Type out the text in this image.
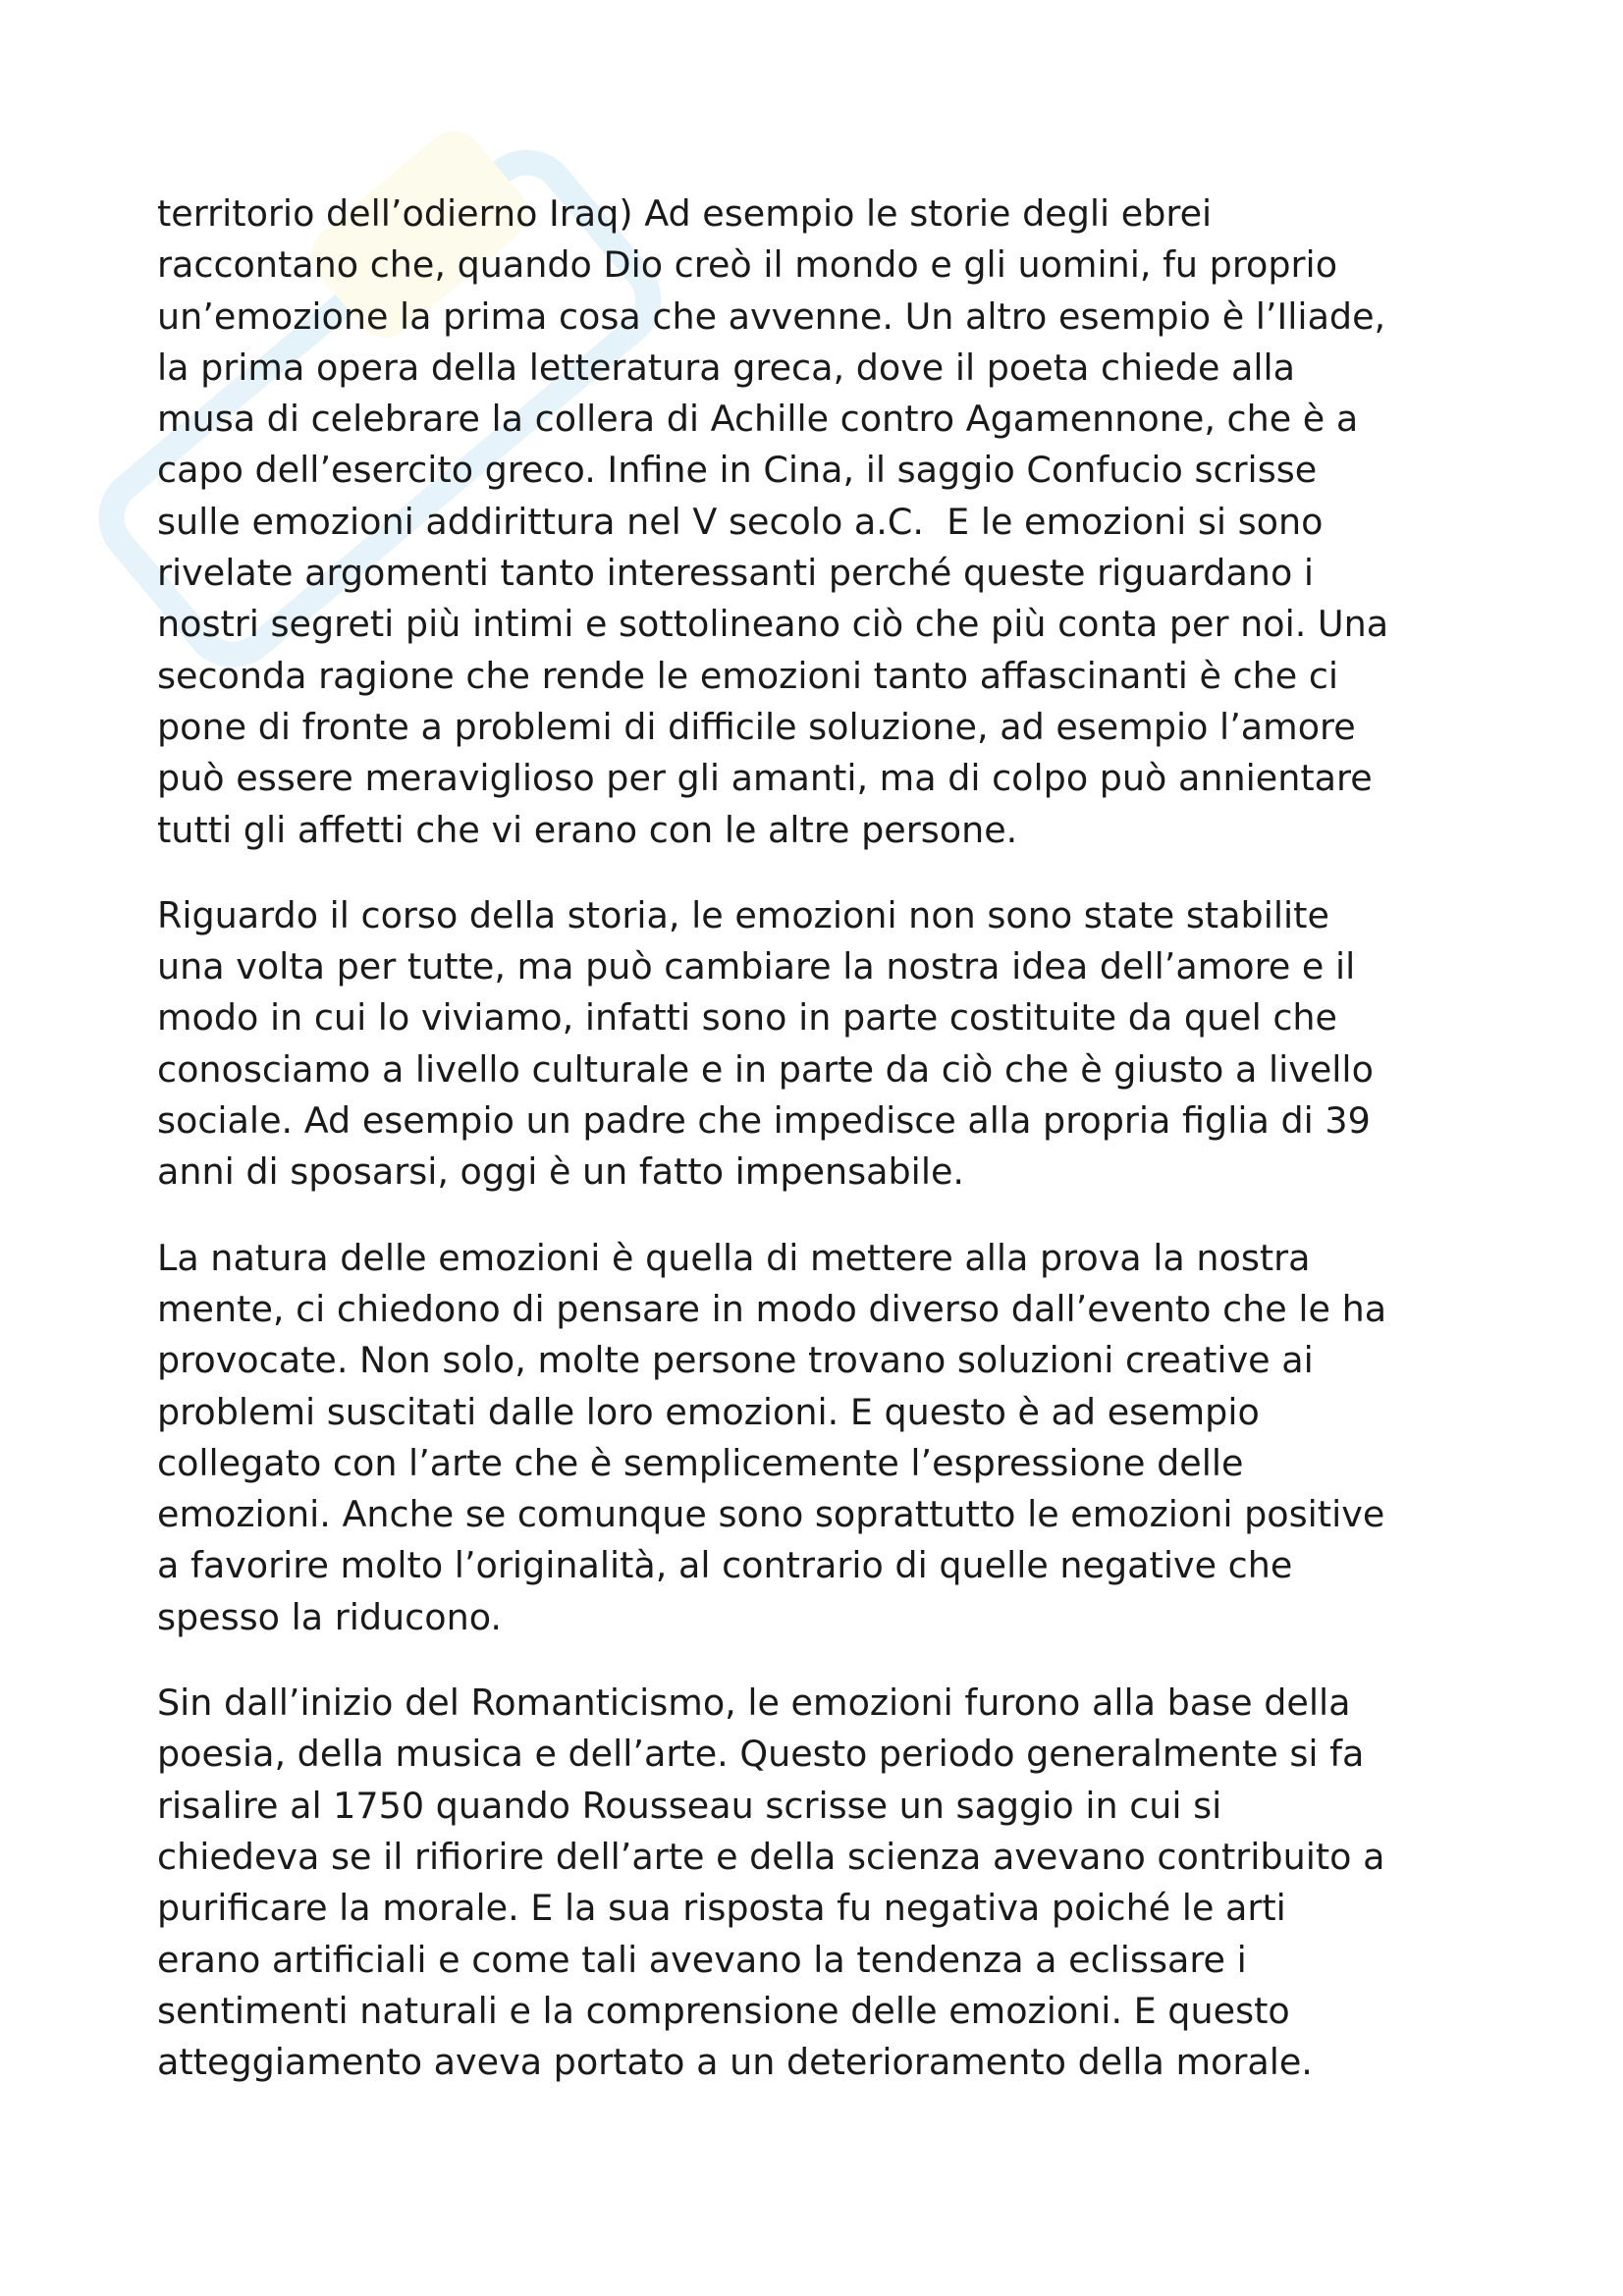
territorio dell’odierno Iraq) Ad esempio le storie degli ebrei
raccontano che, quando Dio creò il mondo e gli uomini, fu proprio
un’emozione la prima cosa che avvenne. Un altro esempio è l’Iliade,
la prima opera della letteratura greca, dove il poeta chiede alla
musa di celebrare la collera di Achille contro Agamennone, che è a
capo dell’esercito greco. Infine in Cina, il saggio Confucio scrisse
sulle emozioni addirittura nel V secolo a.C.  E le emozioni si sono
rivelate argomenti tanto interessanti perché queste riguardano i
nostri segreti più intimi e sottolineano ciò che più conta per noi. Una
seconda ragione che rende le emozioni tanto affascinanti è che ci
pone di fronte a problemi di difficile soluzione, ad esempio l’amore
può essere meraviglioso per gli amanti, ma di colpo può annientare
tutti gli affetti che vi erano con le altre persone.

Riguardo il corso della storia, le emozioni non sono state stabilite
una volta per tutte, ma può cambiare la nostra idea dell’amore e il
modo in cui lo viviamo, infatti sono in parte costituite da quel che
conosciamo a livello culturale e in parte da ciò che è giusto a livello
sociale. Ad esempio un padre che impedisce alla propria figlia di 39
anni di sposarsi, oggi è un fatto impensabile.

La natura delle emozioni è quella di mettere alla prova la nostra
mente, ci chiedono di pensare in modo diverso dall’evento che le ha
provocate. Non solo, molte persone trovano soluzioni creative ai
problemi suscitati dalle loro emozioni. E questo è ad esempio
collegato con l’arte che è semplicemente l’espressione delle
emozioni. Anche se comunque sono soprattutto le emozioni positive
a favorire molto l’originalità, al contrario di quelle negative che
spesso la riducono.

Sin dall’inizio del Romanticismo, le emozioni furono alla base della
poesia, della musica e dell’arte. Questo periodo generalmente si fa
risalire al 1750 quando Rousseau scrisse un saggio in cui si
chiedeva se il rifiorire dell’arte e della scienza avevano contribuito a
purificare la morale. E la sua risposta fu negativa poiché le arti
erano artificiali e come tali avevano la tendenza a eclissare i
sentimenti naturali e la comprensione delle emozioni. E questo
atteggiamento aveva portato a un deterioramento della morale.
